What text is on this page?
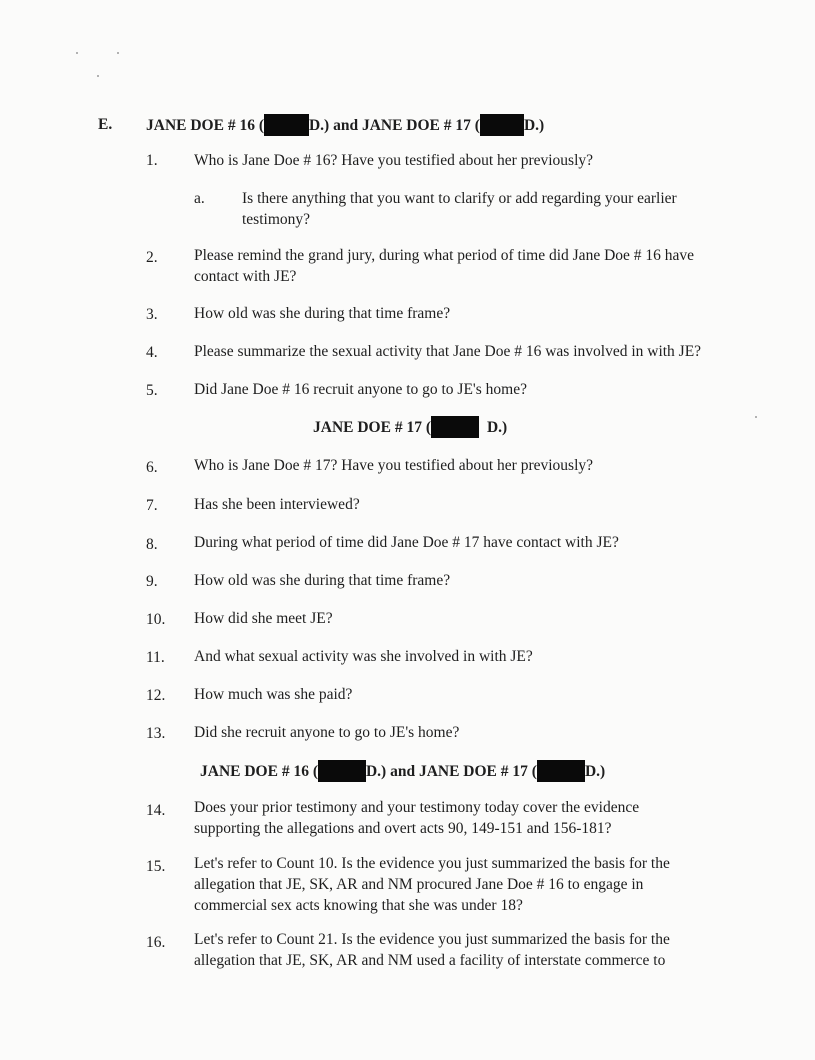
E. JANE DOE # 16 (	D.) and JANE DOE # 17 (	D.)
1. Who is Jane Doe # 16? Have you testified about her previously?
a. Is there anything that you want to clarify or add regarding your earlier
testimony?
2. Please remind the grand jury, during what period of time did Jane Doe # 16 have
contact with JE?
3. How old was she during that time frame?
4. Please summarize the sexual activity that Jane Doe # 16 was involved in with JE?
5. Did Jane Doe # 16 recruit anyone to go to JE's home?
JANE DOE # 17 (	D.)
6. Who is Jane Doe # 17? Have you testified about her previously?
7. Has she been interviewed?
8. During what period of time did Jane Doe # 17 have contact with JE?
9. How old was she during that time frame?
10. How did she meet JE?
11. And what sexual activity was she involved in with JE?
12. How much was she paid?
13. Did she recruit anyone to go to JE's home?
JANE DOE # 16 (	D.) and JANE DOE # 17 (	D.)
14. Does your prior testimony and your testimony today cover the evidence
supporting the allegations and overt acts 90, 149-151 and 156-181?
15. Let's refer to Count 10. Is the evidence you just summarized the basis for the
allegation that JE, SK, AR and NM procured Jane Doe # 16 to engage in
commercial sex acts knowing that she was under 18?
16. Let's refer to Count 21. Is the evidence you just summarized the basis for the
allegation that JE, SK, AR and NM used a facility of interstate commerce to
